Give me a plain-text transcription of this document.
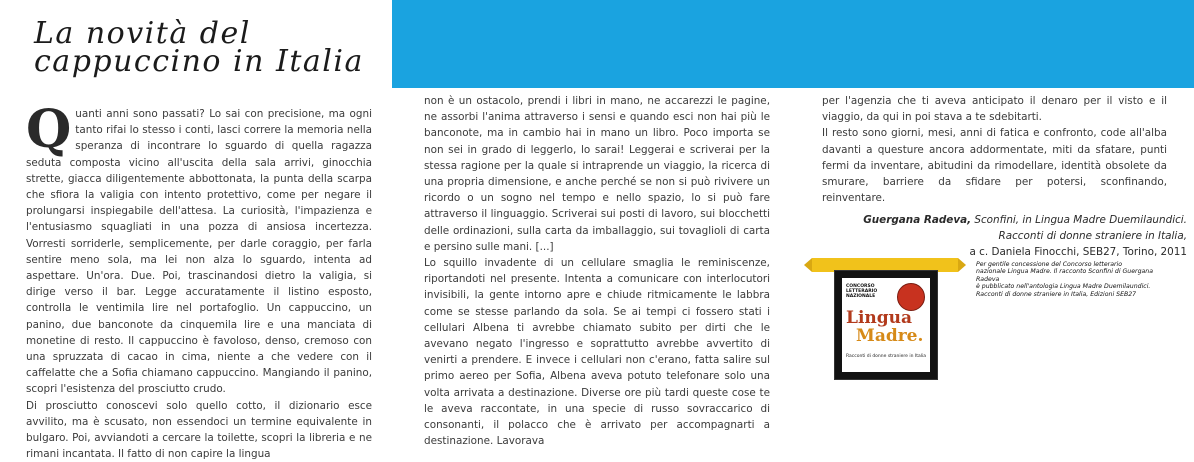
La novità del
cappuccino in Italia

Quanti anni sono passati? Lo sai con precisione, ma ogni tanto rifai lo stesso i conti, lasci correre la memoria nella speranza di incontrare lo sguardo di quella ragazza seduta composta vicino all'uscita della sala arrivi, ginocchia strette, giacca diligentemente abbottonata, la punta della scarpa che sfiora la valigia con intento protettivo, come per negare il prolungarsi inspiegabile dell'attesa. La curiosità, l'impazienza e l'entusiasmo squagliati in una pozza di ansiosa incertezza. Vorresti sorriderle, semplicemente, per darle coraggio, per farla sentire meno sola, ma lei non alza lo sguardo, intenta ad aspettare. Un'ora. Due. Poi, trascinandosi dietro la valigia, si dirige verso il bar. Legge accuratamente il listino esposto, controlla le ventimila lire nel portafoglio. Un cappuccino, un panino, due banconote da cinquemila lire e una manciata di monetine di resto. Il cappuccino è favoloso, denso, cremoso con una spruzzata di cacao in cima, niente a che vedere con il caffelatte che a Sofia chiamano cappuccino. Mangiando il panino, scopri l'esistenza del prosciutto crudo.

Di prosciutto conoscevi solo quello cotto, il dizionario esce avvilito, ma è scusato, non essendoci un termine equivalente in bulgaro. Poi, avviandoti a cercare la toilette, scopri la libreria e ne rimani incantata. Il fatto di non capire la lingua

non è un ostacolo, prendi i libri in mano, ne accarezzi le pagine, ne assorbi l'anima attraverso i sensi e quando esci non hai più le banconote, ma in cambio hai in mano un libro. Poco importa se non sei in grado di leggerlo, lo sarai! Leggerai e scriverai per la stessa ragione per la quale si intraprende un viaggio, la ricerca di una propria dimensione, e anche perché se non si può rivivere un ricordo o un sogno nel tempo e nello spazio, lo si può fare attraverso il linguaggio. Scriverai sui posti di lavoro, sui blocchetti delle ordinazioni, sulla carta da imballaggio, sui tovaglioli di carta e persino sulle mani. [...]

Lo squillo invadente di un cellulare smaglia le reminiscenze, riportandoti nel presente. Intenta a comunicare con interlocutori invisibili, la gente intorno apre e chiude ritmicamente le labbra come se stesse parlando da sola. Se ai tempi ci fossero stati i cellulari Albena ti avrebbe chiamato subito per dirti che le avevano negato l'ingresso e soprattutto avrebbe avvertito di venirti a prendere. E invece i cellulari non c'erano, fatta salire sul primo aereo per Sofia, Albena aveva potuto telefonare solo una volta arrivata a destinazione. Diverse ore più tardi queste cose te le aveva raccontate, in una specie di russo sovraccarico di consonanti, il polacco che è arrivato per accompagnarti a destinazione. Lavorava

per l'agenzia che ti aveva anticipato il denaro per il visto e il viaggio, da qui in poi stava a te sdebitarti.

Il resto sono giorni, mesi, anni di fatica e confronto, code all'alba davanti a questure ancora addormentate, miti da sfatare, punti fermi da inventare, abitudini da rimodellare, identità obsolete da smurare, barriere da sfidare per potersi, sconfinando, reinventare.

Guergana Radeva, Sconfini, in Lingua Madre Duemilaundici.
Racconti di donne straniere in Italia,
a c. Daniela Finocchi, SEB27, Torino, 2011
CONCORSO LETTERARIO NAZIONALE
Lingua
Madre.
Racconti di donne straniere in Italia
Per gentile concessione del Concorso letterario
nazionale Lingua Madre. Il racconto Sconfini di Guergana
Radeva
è pubblicato nell'antologia Lingua Madre Duemilaundici.
Racconti di donne straniere in Italia, Edizioni SEB27
